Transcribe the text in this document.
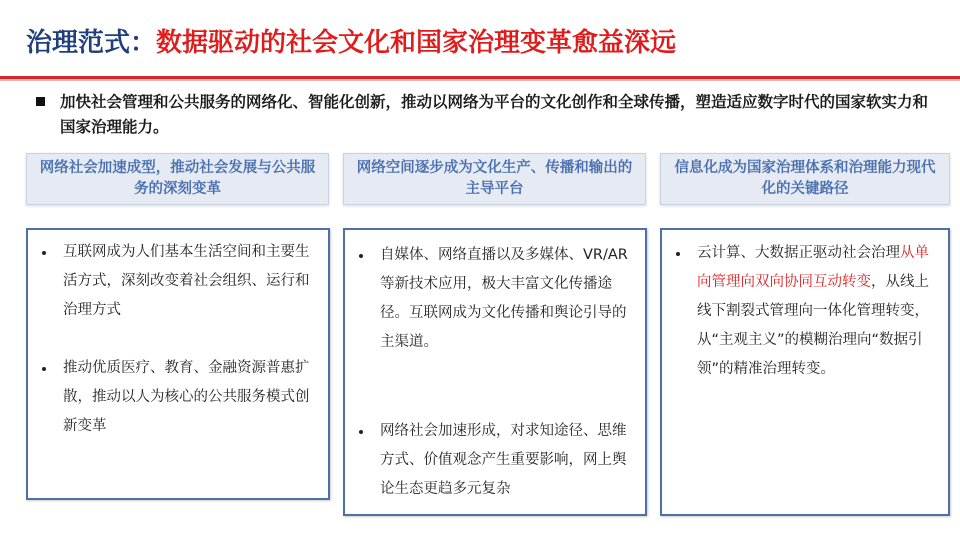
治理范式：数据驱动的社会文化和国家治理变革愈益深远
加快社会管理和公共服务的网络化、智能化创新，推动以网络为平台的文化创作和全球传播，塑造适应数字时代的国家软实力和国家治理能力。
网络社会加速成型，推动社会发展与公共服务的深刻变革
互联网成为人们基本生活空间和主要生活方式，深刻改变着社会组织、运行和治理方式
推动优质医疗、教育、金融资源普惠扩散，推动以人为核心的公共服务模式创新变革
网络空间逐步成为文化生产、传播和输出的主导平台
自媒体、网络直播以及多媒体、VR/AR等新技术应用，极大丰富文化传播途径。互联网成为文化传播和舆论引导的主渠道。
网络社会加速形成，对求知途径、思维方式、价值观念产生重要影响，网上舆论生态更趋多元复杂
信息化成为国家治理体系和治理能力现代化的关键路径
云计算、大数据正驱动社会治理从单向管理向双向协同互动转变，从线上线下割裂式管理向一体化管理转变，从“主观主义”的模糊治理向“数据引领”的精准治理转变。
